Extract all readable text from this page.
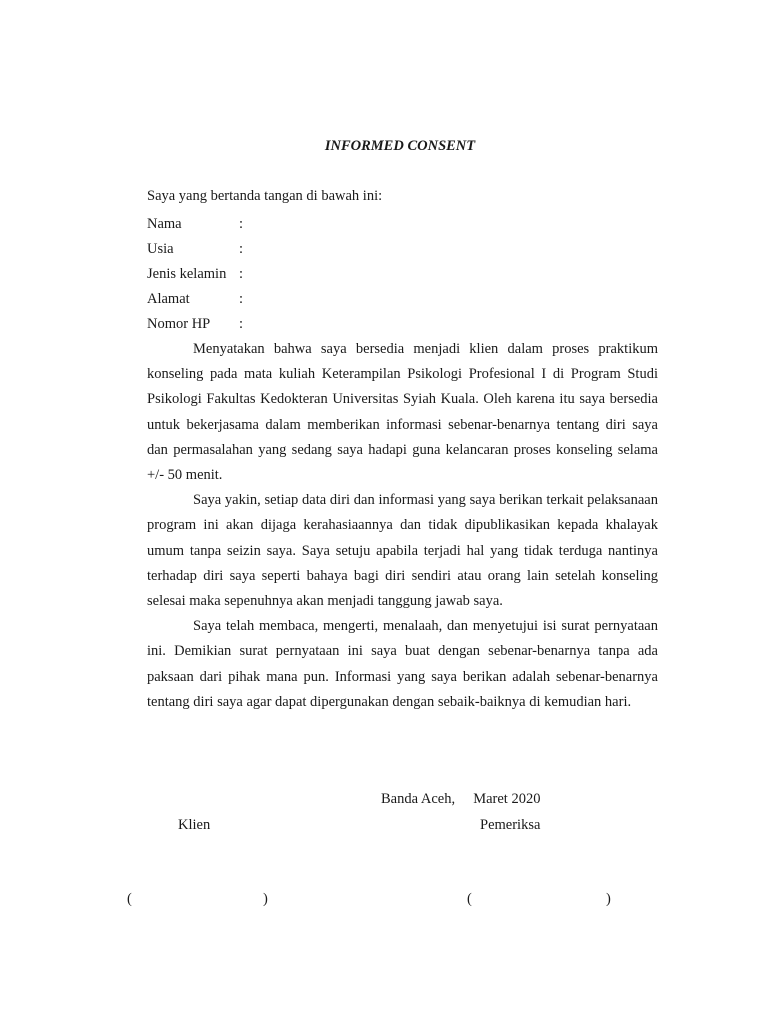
INFORMED CONSENT
Saya yang bertanda tangan di bawah ini:
Nama	:
Usia	:
Jenis kelamin :
Alamat	:
Nomor HP :

Menyatakan bahwa saya bersedia menjadi klien dalam proses praktikum konseling pada mata kuliah Keterampilan Psikologi Profesional I di Program Studi Psikologi Fakultas Kedokteran Universitas Syiah Kuala. Oleh karena itu saya bersedia untuk bekerjasama dalam memberikan informasi sebenar-benarnya tentang diri saya dan permasalahan yang sedang saya hadapi guna kelancaran proses konseling selama +/- 50 menit.

Saya yakin, setiap data diri dan informasi yang saya berikan terkait pelaksanaan program ini akan dijaga kerahasiaannya dan tidak dipublikasikan kepada khalayak umum tanpa seizin saya. Saya setuju apabila terjadi hal yang tidak terduga nantinya terhadap diri saya seperti bahaya bagi diri sendiri atau orang lain setelah konseling selesai maka sepenuhnya akan menjadi tanggung jawab saya.

Saya telah membaca, mengerti, menalaah, dan menyetujui isi surat pernyataan ini. Demikian surat pernyataan ini saya buat dengan sebenar-benarnya tanpa ada paksaan dari pihak mana pun. Informasi yang saya berikan adalah sebenar-benarnya tentang diri saya agar dapat dipergunakan dengan sebaik-baiknya di kemudian hari.

Banda Aceh,     Maret 2020
Klien	Pemeriksa
(	)	(	)
